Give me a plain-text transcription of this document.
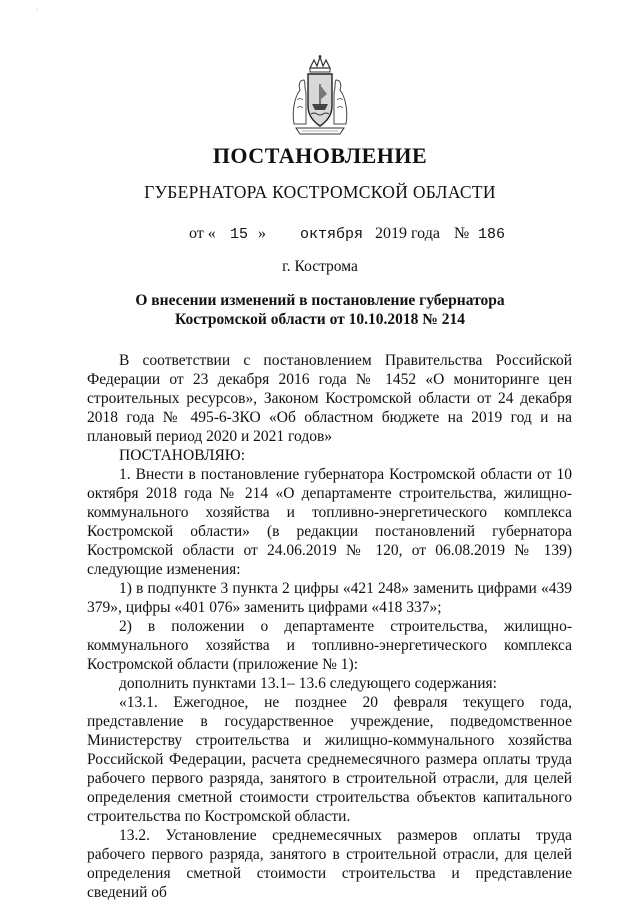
·
ПОСТАНОВЛЕНИЕ
ГУБЕРНАТОРА КОСТРОМСКОЙ ОБЛАСТИ
от « 15 » октября 2019 года № 186
г. Кострома
О внесении изменений в постановление губернатора
Костромской области от 10.10.2018 № 214

В соответствии с постановлением Правительства Российской Федерации от 23 декабря 2016 года № 1452 «О мониторинге цен строительных ресурсов», Законом Костромской области от 24 декабря 2018 года № 495-6-ЗКО «Об областном бюджете на 2019 год и на плановый период 2020 и 2021 годов»

ПОСТАНОВЛЯЮ:

1. Внести в постановление губернатора Костромской области от 10 октября 2018 года № 214 «О департаменте строительства, жилищно-коммунального хозяйства и топливно-энергетического комплекса Костромской области» (в редакции постановлений губернатора Костромской области от 24.06.2019 № 120, от 06.08.2019 № 139) следующие изменения:

1) в подпункте 3 пункта 2 цифры «421 248» заменить цифрами «439 379», цифры «401 076» заменить цифрами «418 337»;

2) в положении о департаменте строительства, жилищно-коммунального хозяйства и топливно-энергетического комплекса Костромской области (приложение № 1):

дополнить пунктами 13.1– 13.6 следующего содержания:

«13.1. Ежегодное, не позднее 20 февраля текущего года, представление в государственное учреждение, подведомственное Министерству строительства и жилищно-коммунального хозяйства Российской Федерации, расчета среднемесячного размера оплаты труда рабочего первого разряда, занятого в строительной отрасли, для целей определения сметной стоимости строительства объектов капитального строительства по Костромской области.

13.2. Установление среднемесячных размеров оплаты труда рабочего первого разряда, занятого в строительной отрасли, для целей определения сметной стоимости строительства и представление сведений об
